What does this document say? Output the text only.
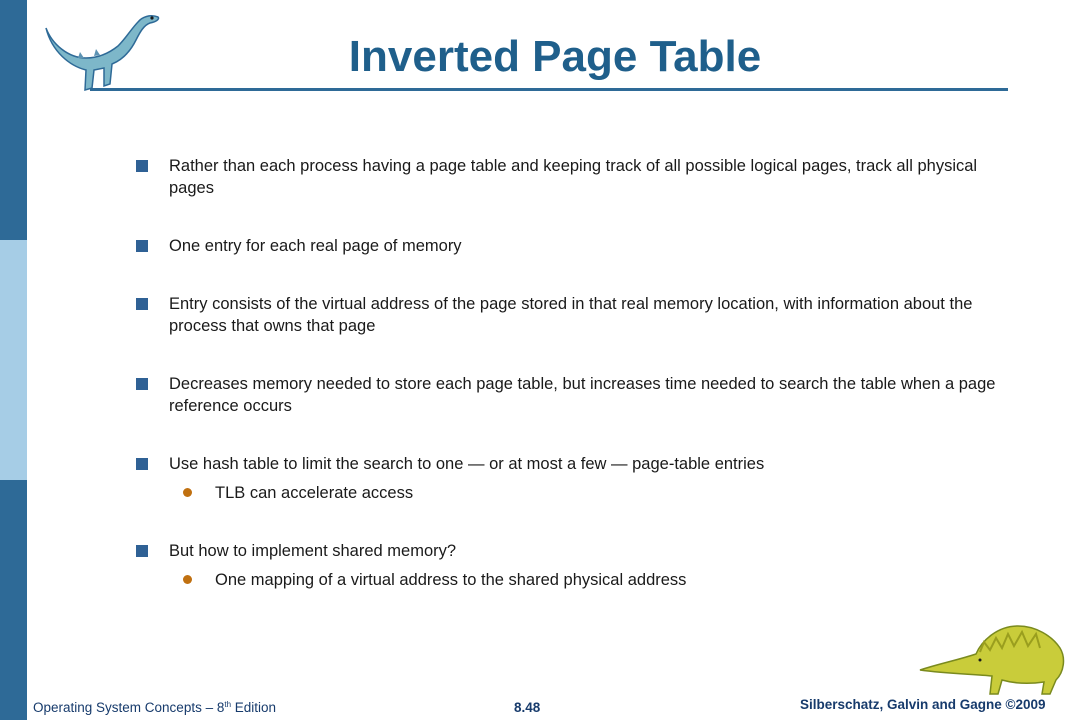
Inverted Page Table
Rather than each process having a page table and keeping track of all possible logical pages, track all physical pages
One entry for each real page of memory
Entry consists of the virtual address of the page stored in that real memory location, with information about the process that owns that page
Decreases memory needed to store each page table, but increases time needed to search the table when a page reference occurs
Use hash table to limit the search to one — or at most a few — page-table entries
TLB can accelerate access
But how to implement shared memory?
One mapping of a virtual address to the shared physical address
Operating System Concepts – 8th Edition	8.48	Silberschatz, Galvin and Gagne ©2009
